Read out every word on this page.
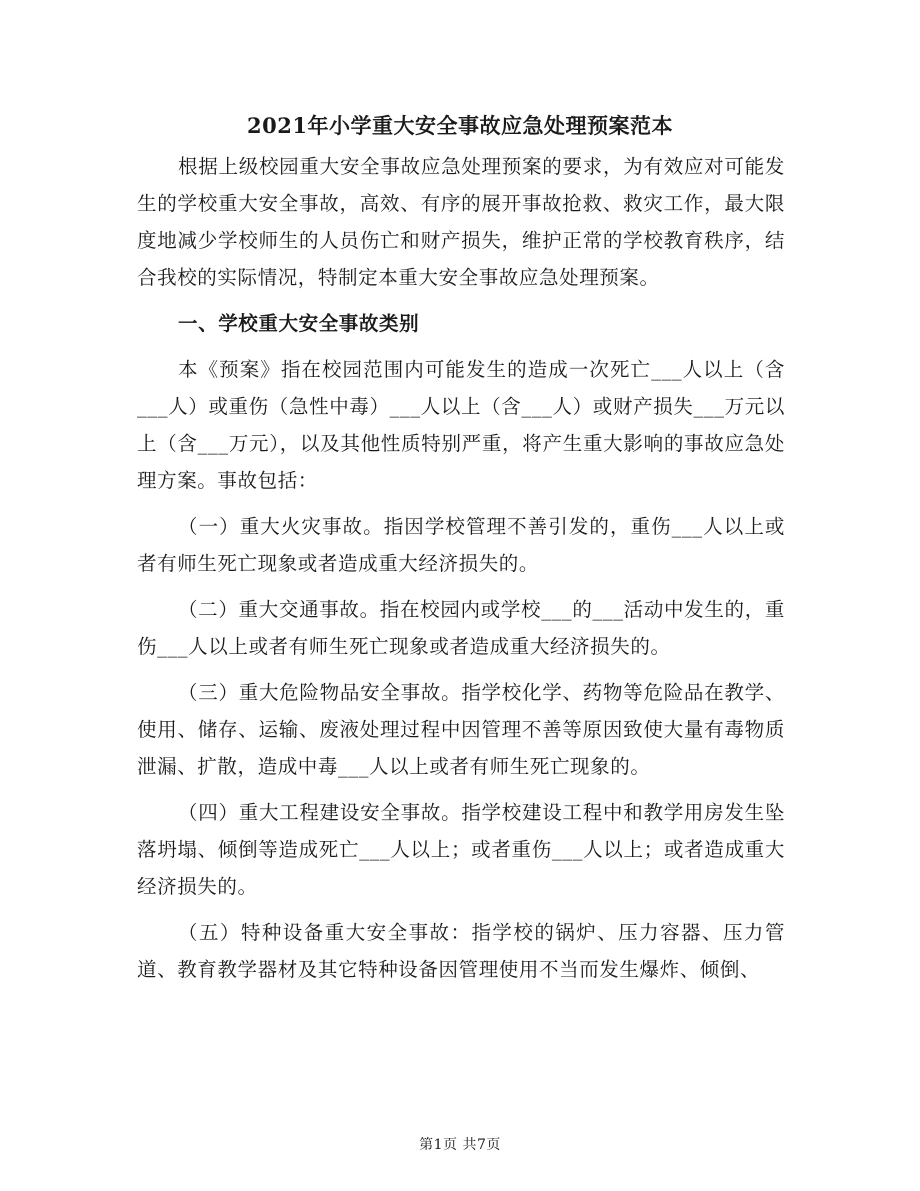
2021年小学重大安全事故应急处理预案范本

根据上级校园重大安全事故应急处理预案的要求，为有效应对可能发生的学校重大安全事故，高效、有序的展开事故抢救、救灾工作，最大限度地减少学校师生的人员伤亡和财产损失，维护正常的学校教育秩序，结合我校的实际情况，特制定本重大安全事故应急处理预案。

一、学校重大安全事故类别

本《预案》指在校园范围内可能发生的造成一次死亡___人以上（含___人）或重伤（急性中毒）___人以上（含___人）或财产损失___万元以上（含___万元），以及其他性质特别严重，将产生重大影响的事故应急处理方案。事故包括：

（一）重大火灾事故。指因学校管理不善引发的，重伤___人以上或者有师生死亡现象或者造成重大经济损失的。

（二）重大交通事故。指在校园内或学校___的___活动中发生的，重伤___人以上或者有师生死亡现象或者造成重大经济损失的。

（三）重大危险物品安全事故。指学校化学、药物等危险品在教学、使用、储存、运输、废液处理过程中因管理不善等原因致使大量有毒物质泄漏、扩散，造成中毒___人以上或者有师生死亡现象的。

（四）重大工程建设安全事故。指学校建设工程中和教学用房发生坠落坍塌、倾倒等造成死亡___人以上；或者重伤___人以上；或者造成重大经济损失的。

（五）特种设备重大安全事故：指学校的锅炉、压力容器、压力管道、教育教学器材及其它特种设备因管理使用不当而发生爆炸、倾倒、

第1页 共7页
